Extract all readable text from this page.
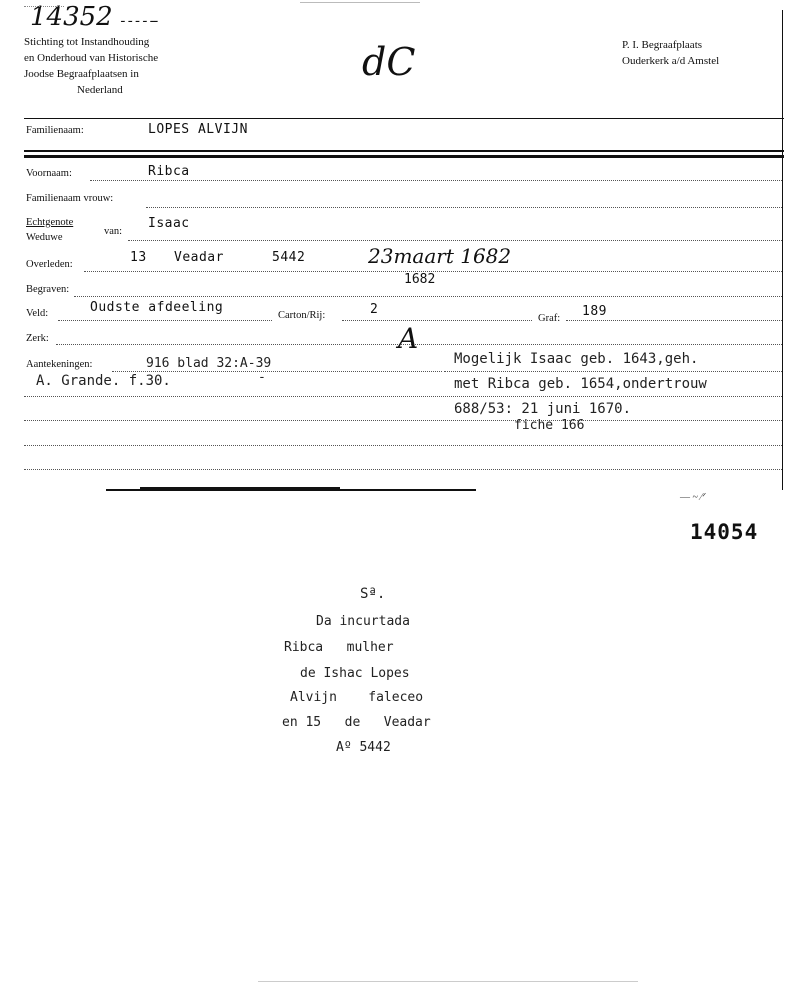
ــ ـ ـ ـ ـ 14352
Stichting tot Instandhouding
en Onderhoud van Historische
Joodse Begraafplaatsen in
Nederland
dC	P. I. Begraafplaats
Ouderkerk a/d Amstel
Familienaam:	LOPES ALVIJN
Voornaam:	Ribca
Familienaam vrouw:
Echtgenote
Weduwe
van:
Isaac
Overleden:	13 Veadar	5442	23maart 1682
1682
Begraven:
Veld:	Oudste afdeeling
Carton/Rij:	2
Graf: 189
Zerk:	A
Aantekeningen:	916 blad 32:A-39
A. Grande. f.30.	-
Mogelijk Isaac geb. 1643,geh.
met Ribca geb. 1654,ondertrouw
688/53: 21 juni 1670.
fiche 166
— ~ ⁄ᐟ
14054
Sª.
Da incurtada
Ribca   mulher
de Ishac Lopes
Alvijn    faleceo
en 15   de   Veadar
Aº 5442
